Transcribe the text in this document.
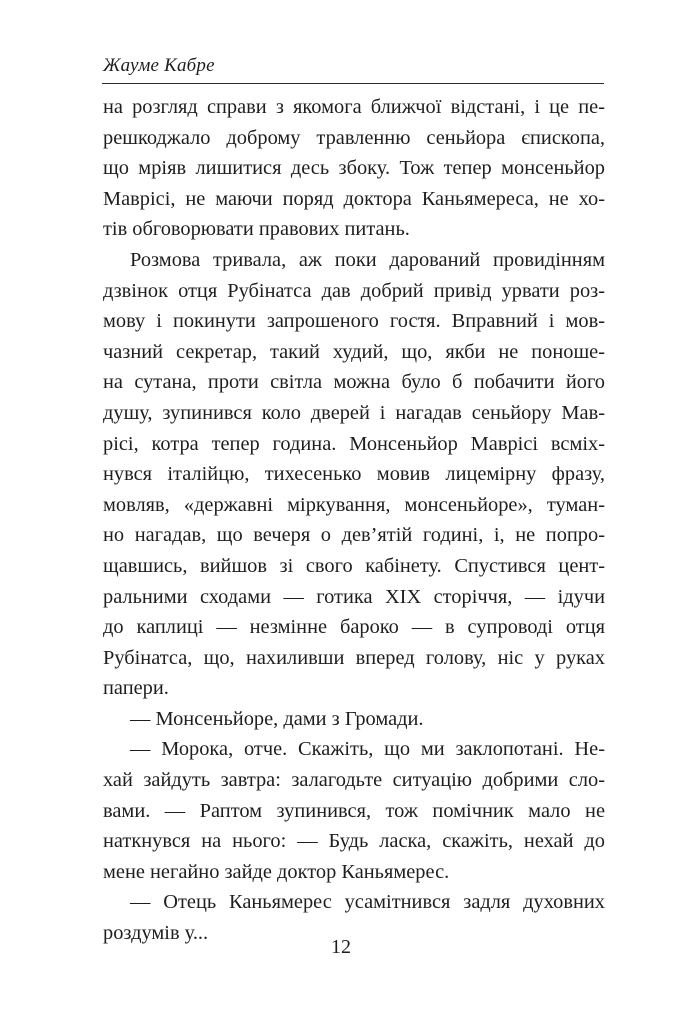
Жауме Кабре
на розгляд справи з якомога ближчої відстані, і це пе-
решкоджало доброму травленню сеньйора єпископа,
що мріяв лишитися десь збоку. Тож тепер монсеньйор
Маврісі, не маючи поряд доктора Каньямереса, не хо-
тів обговорювати правових питань.
Розмова тривала, аж поки дарований провидінням
дзвінок отця Рубінатса дав добрий привід урвати роз-
мову і покинути запрошеного гостя. Вправний і мов-
чазний секретар, такий худий, що, якби не поноше-
на сутана, проти світла можна було б побачити його
душу, зупинився коло дверей і нагадав сеньйору Мав-
рісі, котра тепер година. Монсеньйор Маврісі всміх-
нувся італійцю, тихесенько мовив лицемірну фразу,
мовляв, «державні міркування, монсеньйоре», туман-
но нагадав, що вечеря о дев’ятій годині, і, не попро-
щавшись, вийшов зі свого кабінету. Спустився цент-
ральними сходами — готика XIX сторіччя, — ідучи
до каплиці — незмінне бароко — в супроводі отця
Рубінатса, що, нахиливши вперед голову, ніс у руках
папери.
— Монсеньйоре, дами з Громади.
— Морока, отче. Скажіть, що ми заклопотані. Не-
хай зайдуть завтра: залагодьте ситуацію добрими сло-
вами. — Раптом зупинився, тож помічник мало не
наткнувся на нього: — Будь ласка, скажіть, нехай до
мене негайно зайде доктор Каньямерес.
— Отець Каньямерес усамітнився задля духовних
роздумів у...
12
